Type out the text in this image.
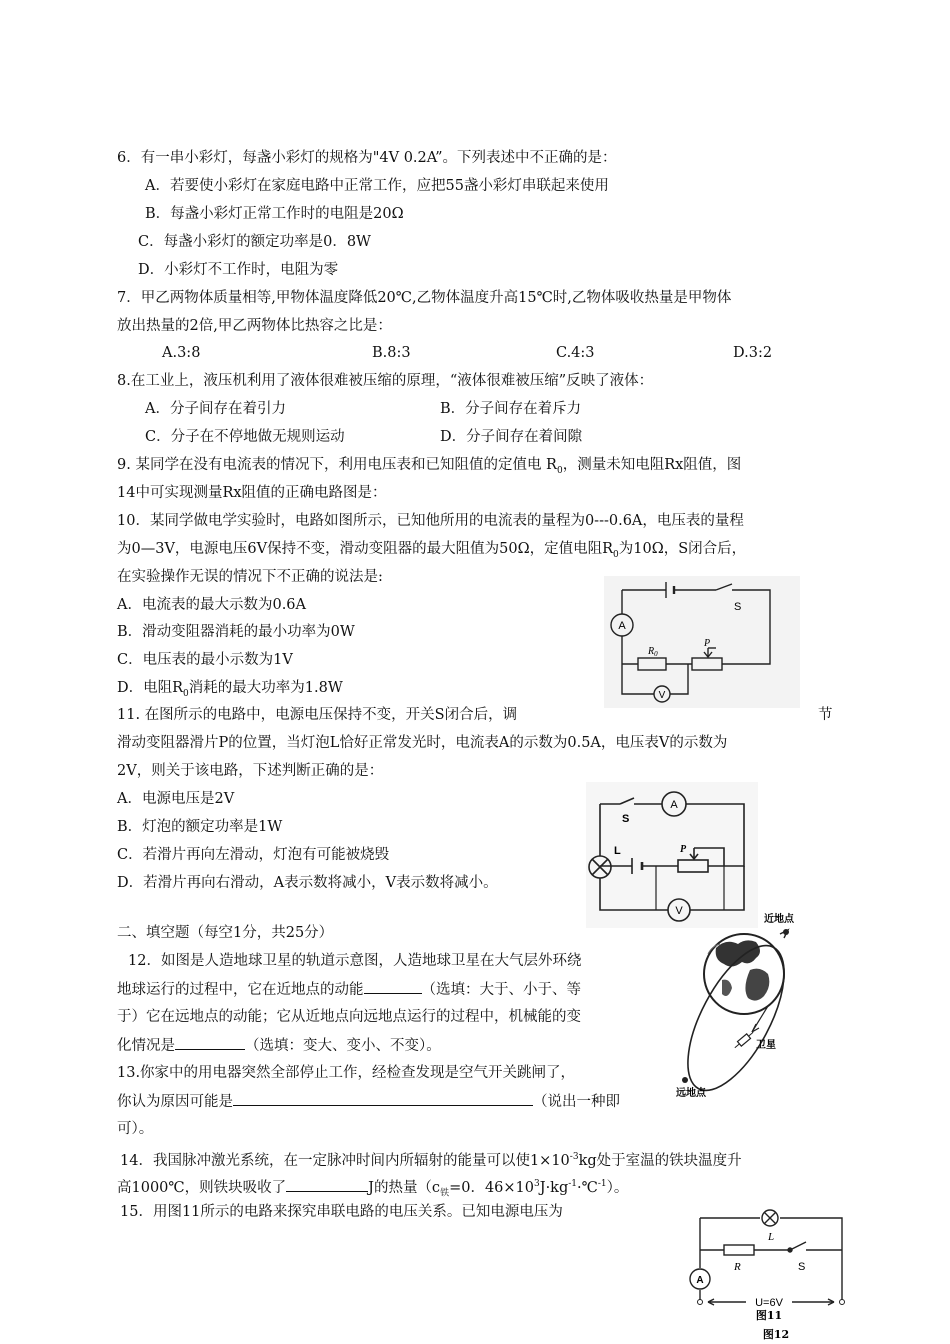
6．有一串小彩灯，每盏小彩灯的规格为"4V 0.2A”。下列表述中不正确的是：
A．若要使小彩灯在家庭电路中正常工作，应把55盏小彩灯串联起来使用
B．每盏小彩灯正常工作时的电阻是20Ω
C．每盏小彩灯的额定功率是0．8W
D．小彩灯不工作时，电阻为零
7．甲乙两物体质量相等,甲物体温度降低20℃,乙物体温度升高15℃时,乙物体吸收热量是甲物体
放出热量的2倍,甲乙两物体比热容之比是：
A.3:8	B.8:3	C.4:3	D.3:2
8.在工业上，液压机利用了液体很难被压缩的原理，“液体很难被压缩”反映了液体：
A．分子间存在着引力	B．分子间存在着斥力
C．分子在不停地做无规则运动	D．分子间存在着间隙
9. 某同学在没有电流表的情况下，利用电压表和已知阻值的定值电 $R_0$，测量未知电阻Rx阻值，图
14中可实现测量Rx阻值的正确电路图是：
10．某同学做电学实验时，电路如图所示，已知他所用的电流表的量程为0---0.6A，电压表的量程
为0—3V，电源电压6V保持不变，滑动变阻器的最大阻值为50Ω，定值电阻$R_0$为10Ω，S闭合后，
在实验操作无误的情况下不正确的说法是:
A．电流表的最大示数为0.6A
B．滑动变阻器消耗的最小功率为0W
C．电压表的最小示数为1V
D．电阻$R_0$消耗的最大功率为1.8W
A
S
$R_0$
P
V
11. 在图所示的电路中，电源电压保持不变，开关S闭合后，调	节
滑动变阻器滑片P的位置，当灯泡L恰好正常发光时，电流表A的示数为0.5A，电压表V的示数为
2V，则关于该电路，下述判断正确的是：
A．电源电压是2V
B．灯泡的额定功率是1W
C．若滑片再向左滑动，灯泡有可能被烧毁
D．若滑片再向右滑动，A表示数将减小，V表示数将减小。
S
A
L	P
V
二、填空题（每空1分，共25分）
12．如图是人造地球卫星的轨道示意图，人造地球卫星在大气层外环绕
地球运行的过程中，它在近地点的动能	（选填：大于、小于、等
于）它在远地点的动能；它从近地点向远地点运行的过程中，机械能的变
化情况是	（选填：变大、变小、不变）。
近地点
卫星
远地点
13.你家中的用电器突然全部停止工作，经检查发现是空气开关跳闸了，
你认为原因可能是	（说出一种即
可）。
14．我国脉冲激光系统，在一定脉冲时间内所辐射的能量可以使$1\times 10^{-3}kg$处于室温的铁块温度升
高1000℃，则铁块吸收了	J的热量（$c_铁=0$．$46\times 10^3J\cdot kg^{-1}\cdot℃^{-1}$）。
15．用图11所示的电路来探究串联电路的电压关系。已知电源电压为
L
R	S
A
U=6V
图11
图12
